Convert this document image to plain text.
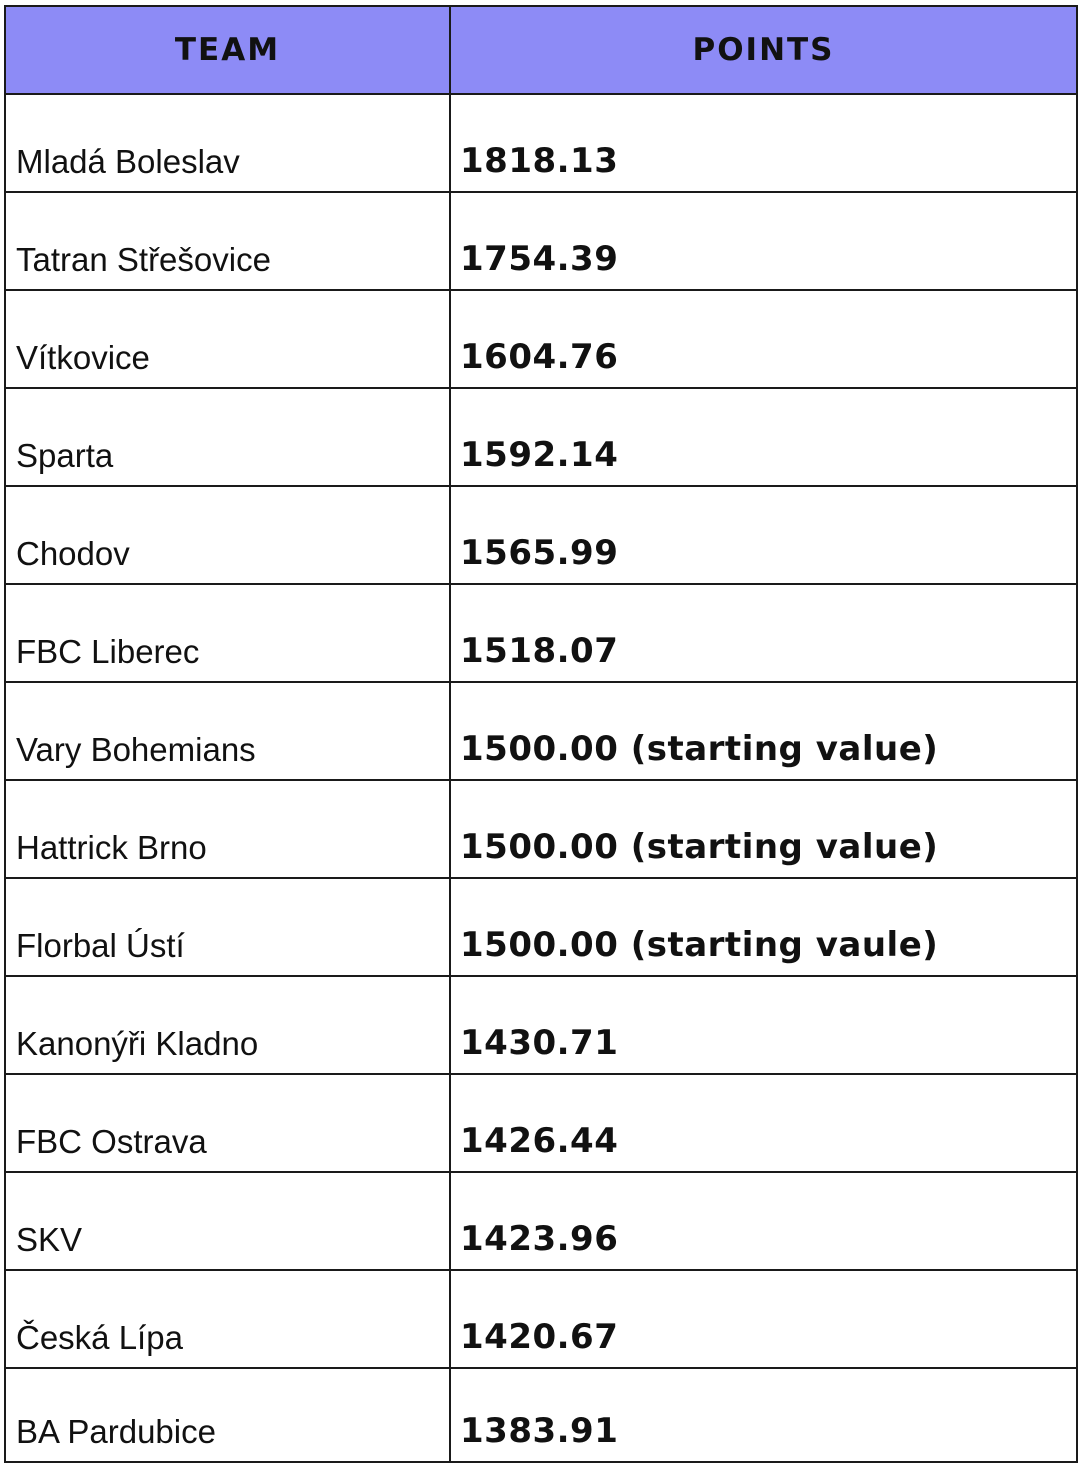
TEAM	POINTS
Mladá Boleslav	1818.13
Tatran Střešovice	1754.39
Vítkovice	1604.76
Sparta	1592.14
Chodov	1565.99
FBC Liberec	1518.07
Vary Bohemians	1500.00 (starting value)
Hattrick Brno	1500.00 (starting value)
Florbal Ústí	1500.00 (starting vaule)
Kanonýři Kladno	1430.71
FBC Ostrava	1426.44
SKV	1423.96
Česká Lípa	1420.67
BA Pardubice	1383.91
